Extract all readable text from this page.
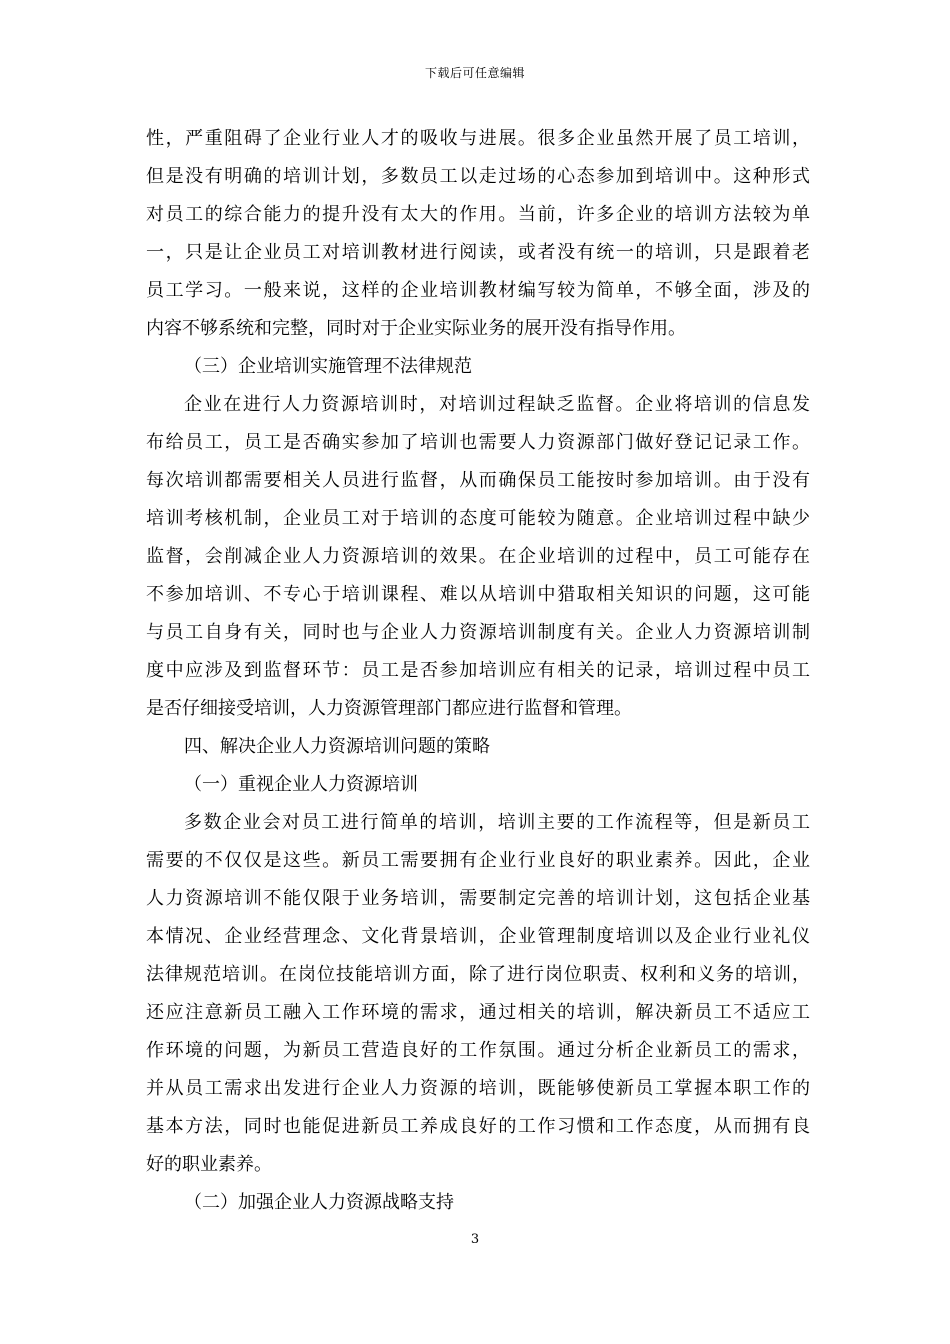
下载后可任意编辑
性，严重阻碍了企业行业人才的吸收与进展。很多企业虽然开展了员工培训，
但是没有明确的培训计划，多数员工以走过场的心态参加到培训中。这种形式
对员工的综合能力的提升没有太大的作用。当前，许多企业的培训方法较为单
一，只是让企业员工对培训教材进行阅读，或者没有统一的培训，只是跟着老
员工学习。一般来说，这样的企业培训教材编写较为简单，不够全面，涉及的
内容不够系统和完整，同时对于企业实际业务的展开没有指导作用。
（三）企业培训实施管理不法律规范
企业在进行人力资源培训时，对培训过程缺乏监督。企业将培训的信息发
布给员工，员工是否确实参加了培训也需要人力资源部门做好登记记录工作。
每次培训都需要相关人员进行监督，从而确保员工能按时参加培训。由于没有
培训考核机制，企业员工对于培训的态度可能较为随意。企业培训过程中缺少
监督，会削减企业人力资源培训的效果。在企业培训的过程中，员工可能存在
不参加培训、不专心于培训课程、难以从培训中猎取相关知识的问题，这可能
与员工自身有关，同时也与企业人力资源培训制度有关。企业人力资源培训制
度中应涉及到监督环节：员工是否参加培训应有相关的记录，培训过程中员工
是否仔细接受培训，人力资源管理部门都应进行监督和管理。
四、解决企业人力资源培训问题的策略
（一）重视企业人力资源培训
多数企业会对员工进行简单的培训，培训主要的工作流程等，但是新员工
需要的不仅仅是这些。新员工需要拥有企业行业良好的职业素养。因此，企业
人力资源培训不能仅限于业务培训，需要制定完善的培训计划，这包括企业基
本情况、企业经营理念、文化背景培训，企业管理制度培训以及企业行业礼仪
法律规范培训。在岗位技能培训方面，除了进行岗位职责、权利和义务的培训，
还应注意新员工融入工作环境的需求，通过相关的培训，解决新员工不适应工
作环境的问题，为新员工营造良好的工作氛围。通过分析企业新员工的需求，
并从员工需求出发进行企业人力资源的培训，既能够使新员工掌握本职工作的
基本方法，同时也能促进新员工养成良好的工作习惯和工作态度，从而拥有良
好的职业素养。
（二）加强企业人力资源战略支持
3
